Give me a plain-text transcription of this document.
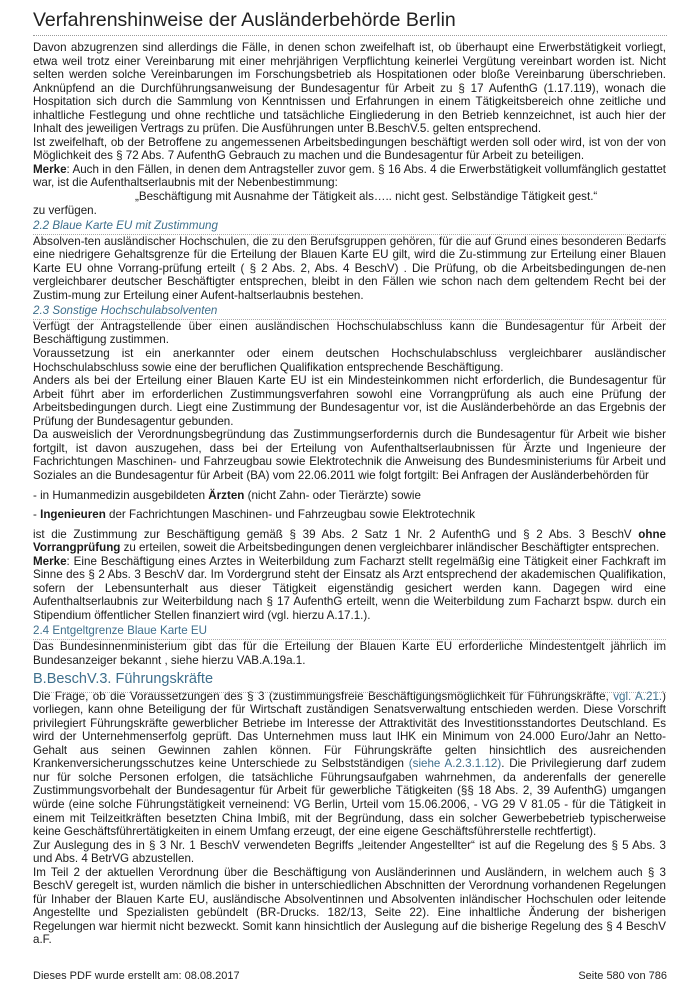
Verfahrenshinweise der Ausländerbehörde Berlin

Davon abzugrenzen sind allerdings die Fälle, in denen schon zweifelhaft ist, ob überhaupt eine Erwerbstätigkeit vorliegt, etwa weil trotz einer Vereinbarung mit einer mehrjährigen Verpflichtung keinerlei Vergütung vereinbart worden ist. Nicht selten werden solche Vereinbarungen im Forschungsbetrieb als Hospitationen oder bloße Vereinbarung überschrieben. Anknüpfend an die Durchführungsanweisung der Bundesagentur für Arbeit zu § 17 AufenthG (1.17.119), wonach die Hospitation sich durch die Sammlung von Kenntnissen und Erfahrungen in einem Tätigkeitsbereich ohne zeitliche und inhaltliche Festlegung und ohne rechtliche und tatsächliche Eingliederung in den Betrieb kennzeichnet, ist auch hier der Inhalt des jeweiligen Vertrags zu prüfen. Die Ausführungen unter B.BeschV.5. gelten entsprechend.

Ist zweifelhaft, ob der Betroffene zu angemessenen Arbeitsbedingungen beschäftigt werden soll oder wird, ist von der von Möglichkeit des § 72 Abs. 7 AufenthG Gebrauch zu machen und die Bundesagentur für Arbeit zu beteiligen.

Merke: Auch in den Fällen, in denen dem Antragsteller zuvor gem. § 16 Abs. 4 die Erwerbstätigkeit vollumfänglich gestattet war, ist die Aufenthaltserlaubnis mit der Nebenbestimmung:

„Beschäftigung mit Ausnahme der Tätigkeit als….. nicht gest. Selbständige Tätigkeit gest.“

zu verfügen.

2.2 Blaue Karte EU mit Zustimmung

Absolven-ten ausländischer Hochschulen, die zu den Berufsgruppen gehören, für die auf Grund eines besonderen Bedarfs eine niedrigere Gehaltsgrenze für die Erteilung der Blauen Karte EU gilt, wird die Zu-stimmung zur Erteilung einer Blauen Karte EU ohne Vorrang-prüfung erteilt ( § 2 Abs. 2, Abs. 4 BeschV) . Die Prüfung, ob die Arbeitsbedingungen de-nen vergleichbarer deutscher Beschäftigter entsprechen, bleibt in den Fällen wie schon nach dem geltendem Recht bei der Zustim-mung zur Erteilung einer Aufent-haltserlaubnis bestehen.

2.3 Sonstige Hochschulabsolventen

Verfügt der Antragstellende über einen ausländischen Hochschulabschluss kann die Bundesagentur für Arbeit der Beschäftigung zustimmen.

Voraussetzung ist ein anerkannter oder einem deutschen Hochschulabschluss vergleichbarer ausländischer Hochschulabschluss sowie eine der beruflichen Qualifikation entsprechende Beschäftigung.

Anders als bei der Erteilung einer Blauen Karte EU ist ein Mindesteinkommen nicht erforderlich, die Bundesagentur für Arbeit führt aber im erforderlichen Zustimmungsverfahren sowohl eine Vorrangprüfung als auch eine Prüfung der Arbeitsbedingungen durch. Liegt eine Zustimmung der Bundesagentur vor, ist die Ausländerbehörde an das Ergebnis der Prüfung der Bundesagentur gebunden.

Da ausweislich der Verordnungsbegründung das Zustimmungserfordernis durch die Bundesagentur für Arbeit wie bisher fortgilt, ist davon auszugehen, dass bei der Erteilung von Aufenthaltserlaubnissen für Ärzte und Ingenieure der Fachrichtungen Maschinen- und Fahrzeugbau sowie Elektrotechnik die Anweisung des Bundesministeriums für Arbeit und Soziales an die Bundesagentur für Arbeit (BA) vom 22.06.2011 wie folgt fortgilt: Bei Anfragen der Ausländerbehörden für

- in Humanmedizin ausgebildeten Ärzten (nicht Zahn- oder Tierärzte) sowie

- Ingenieuren der Fachrichtungen Maschinen- und Fahrzeugbau sowie Elektrotechnik

ist die Zustimmung zur Beschäftigung gemäß § 39 Abs. 2 Satz 1 Nr. 2 AufenthG und § 2 Abs. 3 BeschV ohne Vorrangprüfung zu erteilen, soweit die Arbeitsbedingungen denen vergleichbarer inländischer Beschäftigter entsprechen.

Merke: Eine Beschäftigung eines Arztes in Weiterbildung zum Facharzt stellt regelmäßig eine Tätigkeit einer Fachkraft im Sinne des § 2 Abs. 3 BeschV dar. Im Vordergrund steht der Einsatz als Arzt entsprechend der akademischen Qualifikation, sofern der Lebensunterhalt aus dieser Tätigkeit eigenständig gesichert werden kann. Dagegen wird eine Aufenthaltserlaubnis zur Weiterbildung nach § 17 AufenthG erteilt, wenn die Weiterbildung zum Facharzt bspw. durch ein Stipendium öffentlicher Stellen finanziert wird (vgl. hierzu A.17.1.).

2.4 Entgeltgrenze Blaue Karte EU

Das Bundesinnenministerium gibt das für die Erteilung der Blauen Karte EU erforderliche Mindestentgelt jährlich im Bundesanzeiger bekannt , siehe hierzu VAB.A.19a.1.

B.BeschV.3. Führungskräfte

Die Frage, ob die Voraussetzungen des § 3 (zustimmungsfreie Beschäftigungsmöglichkeit für Führungskräfte, vgl. A.21.) vorliegen, kann ohne Beteiligung der für Wirtschaft zuständigen Senatsverwaltung entschieden werden. Diese Vorschrift privilegiert Führungskräfte gewerblicher Betriebe im Interesse der Attraktivität des Investitionsstandortes Deutschland. Es wird der Unternehmenserfolg geprüft. Das Unternehmen muss laut IHK ein Minimum von 24.000 Euro/Jahr an Netto- Gehalt aus seinen Gewinnen zahlen können. Für Führungskräfte gelten hinsichtlich des ausreichenden Krankenversicherungsschutzes keine Unterschiede zu Selbstständigen (siehe A.2.3.1.12). Die Privilegierung darf zudem nur für solche Personen erfolgen, die tatsächliche Führungsaufgaben wahrnehmen, da anderenfalls der generelle Zustimmungsvorbehalt der Bundesagentur für Arbeit für gewerbliche Tätigkeiten (§§ 18 Abs. 2, 39 AufenthG) umgangen würde (eine solche Führungstätigkeit verneinend: VG Berlin, Urteil vom 15.06.2006, - VG 29 V 81.05 - für die Tätigkeit in einem mit Teilzeitkräften besetzten China Imbiß, mit der Begründung, dass ein solcher Gewerbebetrieb typischerweise keine Geschäftsführertätigkeiten in einem Umfang erzeugt, der eine eigene Geschäftsführerstelle rechtfertigt).

Zur Auslegung des in § 3 Nr. 1 BeschV verwendeten Begriffs „leitender Angestellter“ ist auf die Regelung des § 5 Abs. 3 und Abs. 4 BetrVG abzustellen.

Im Teil 2 der aktuellen Verordnung über die Beschäftigung von Ausländerinnen und Ausländern, in welchem auch § 3 BeschV geregelt ist, wurden nämlich die bisher in unterschiedlichen Abschnitten der Verordnung vorhandenen Regelungen für Inhaber der Blauen Karte EU, ausländische Absolventinnen und Absolventen inländischer Hochschulen oder leitende Angestellte und Spezialisten gebündelt (BR-Drucks. 182/13, Seite 22). Eine inhaltliche Änderung der bisherigen Regelungen war hiermit nicht bezweckt. Somit kann hinsichtlich der Auslegung auf die bisherige Regelung des § 4 BeschV a.F.

Dieses PDF wurde erstellt am: 08.08.2017	Seite 580 von 786
